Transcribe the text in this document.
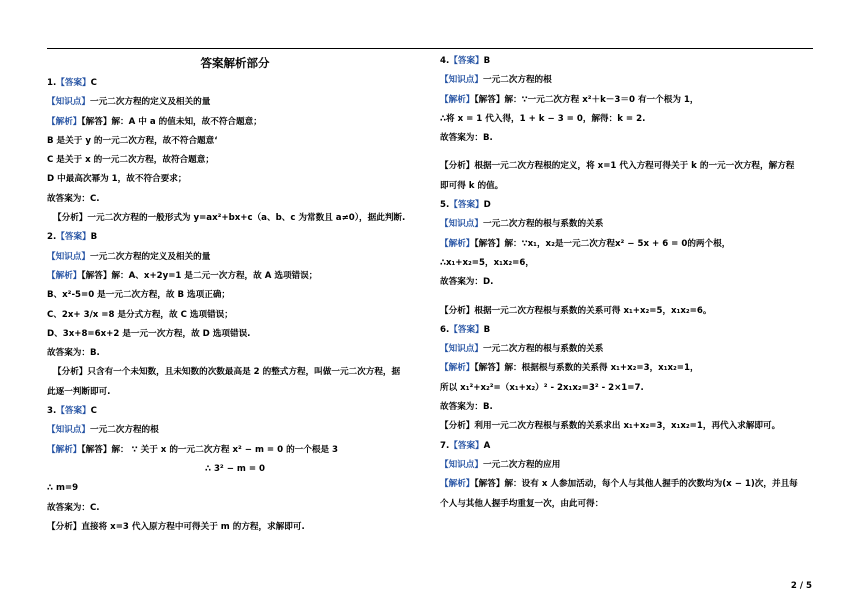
答案解析部分
1.【答案】C
【知识点】一元二次方程的定义及相关的量
【解析】【解答】解：A 中 a 的值未知，故不符合题意；
B 是关于 y 的一元二次方程，故不符合题意‘
C 是关于 x 的一元二次方程，故符合题意；
D 中最高次幂为 1，故不符合要求；
故答案为：C.
【分析】一元二次方程的一般形式为 y=ax²+bx+c（a、b、c 为常数且 a≠0），据此判断.
2.【答案】B
【知识点】一元二次方程的定义及相关的量
【解析】【解答】解：A、x+2y=1 是二元一次方程，故 A 选项错误；
B、x²-5=0 是一元二次方程，故 B 选项正确；
C、2x+ 3/x =8 是分式方程，故 C 选项错误；
D、3x+8=6x+2 是一元一次方程，故 D 选项错误.
故答案为：B.
【分析】只含有一个未知数，且未知数的次数最高是 2 的整式方程，叫做一元二次方程，据
此逐一判断即可.
3.【答案】C
【知识点】一元二次方程的根
【解析】【解答】解： ∵ 关于 x 的一元二次方程 x² − m = 0 的一个根是 3
∴ 3² − m = 0
∴ m=9
故答案为：C.
【分析】直接将 x=3 代入原方程中可得关于 m 的方程，求解即可.
4.【答案】B
【知识点】一元二次方程的根
【解析】【解答】解：∵一元二次方程 x²＋k－3＝0 有一个根为 1，
∴将 x = 1 代入得，1 + k − 3 = 0，解得：k = 2.
故答案为：B.
【分析】根据一元二次方程根的定义，将 x=1 代入方程可得关于 k 的一元一次方程，解方程
即可得 k 的值。
5.【答案】D
【知识点】一元二次方程的根与系数的关系
【解析】【解答】解：∵x₁，x₂是一元二次方程x² − 5x + 6 = 0的两个根，
∴x₁+x₂=5，x₁x₂=6，
故答案为：D.
【分析】根据一元二次方程根与系数的关系可得 x₁+x₂=5，x₁x₂=6。
6.【答案】B
【知识点】一元二次方程的根与系数的关系
【解析】【解答】解：根据根与系数的关系得 x₁+x₂=3，x₁x₂=1，
所以 x₁²+x₂²=（x₁+x₂）² - 2x₁x₂=3² - 2×1=7.
故答案为：B.
【分析】利用一元二次方程根与系数的关系求出 x₁+x₂=3，x₁x₂=1，再代入求解即可。
7.【答案】A
【知识点】一元二次方程的应用
【解析】【解答】解：设有 x 人参加活动，每个人与其他人握手的次数均为(x − 1)次，并且每
个人与其他人握手均重复一次，由此可得：
2 / 5
